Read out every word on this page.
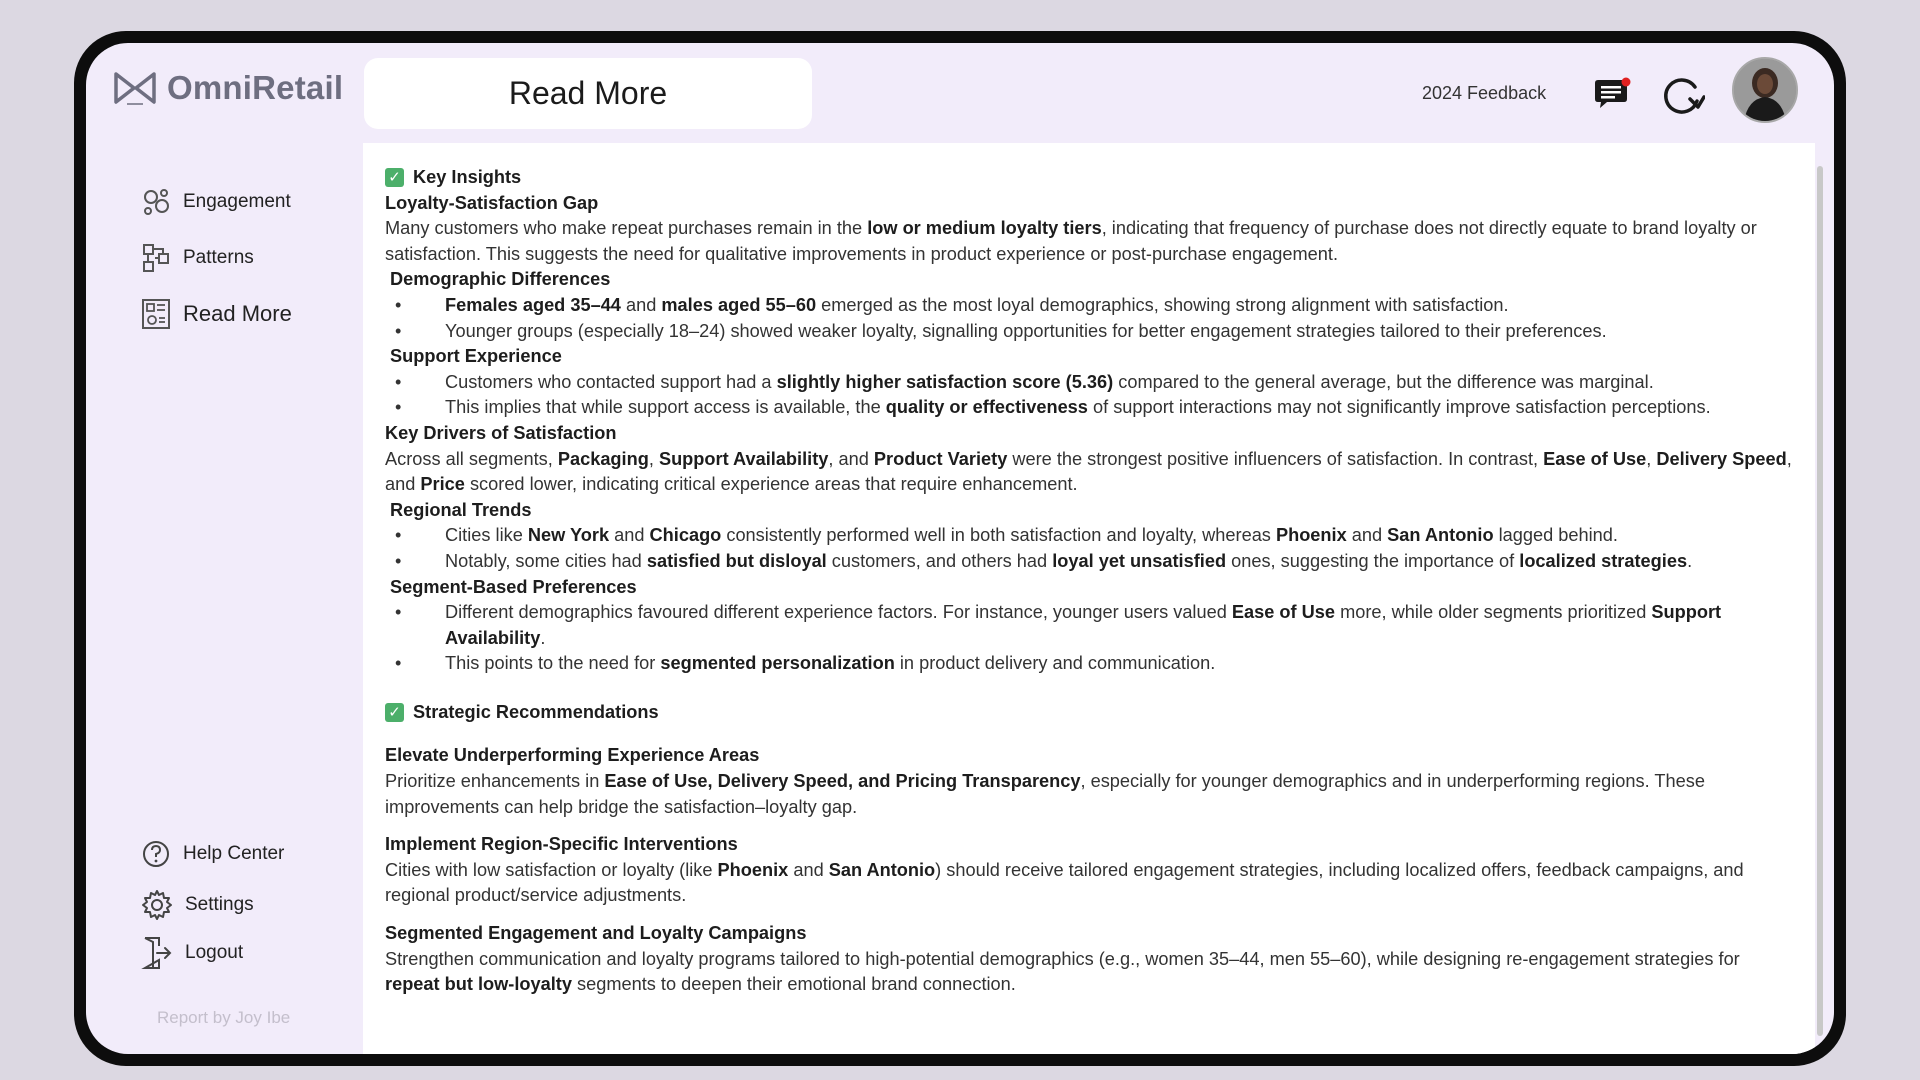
OmniRetail	Read More	2024 Feedback
Engagement
Patterns
Read More
Help Center
Settings
Logout
Report by Joy Ibe
✓ Key Insights
Loyalty-Satisfaction Gap
Many customers who make repeat purchases remain in the low or medium loyalty tiers, indicating that frequency of purchase does not directly equate to brand loyalty or satisfaction. This suggests the need for qualitative improvements in product experience or post-purchase engagement.
Demographic Differences
• Females aged 35–44 and males aged 55–60 emerged as the most loyal demographics, showing strong alignment with satisfaction.
• Younger groups (especially 18–24) showed weaker loyalty, signalling opportunities for better engagement strategies tailored to their preferences.
Support Experience
• Customers who contacted support had a slightly higher satisfaction score (5.36) compared to the general average, but the difference was marginal.
• This implies that while support access is available, the quality or effectiveness of support interactions may not significantly improve satisfaction perceptions.
Key Drivers of Satisfaction
Across all segments, Packaging, Support Availability, and Product Variety were the strongest positive influencers of satisfaction. In contrast, Ease of Use, Delivery Speed, and Price scored lower, indicating critical experience areas that require enhancement.
Regional Trends
• Cities like New York and Chicago consistently performed well in both satisfaction and loyalty, whereas Phoenix and San Antonio lagged behind.
• Notably, some cities had satisfied but disloyal customers, and others had loyal yet unsatisfied ones, suggesting the importance of localized strategies.
Segment-Based Preferences
• Different demographics favoured different experience factors. For instance, younger users valued Ease of Use more, while older segments prioritized Support Availability.
• This points to the need for segmented personalization in product delivery and communication.
✓ Strategic Recommendations
Elevate Underperforming Experience Areas
Prioritize enhancements in Ease of Use, Delivery Speed, and Pricing Transparency, especially for younger demographics and in underperforming regions. These improvements can help bridge the satisfaction–loyalty gap.
Implement Region-Specific Interventions
Cities with low satisfaction or loyalty (like Phoenix and San Antonio) should receive tailored engagement strategies, including localized offers, feedback campaigns, and regional product/service adjustments.
Segmented Engagement and Loyalty Campaigns
Strengthen communication and loyalty programs tailored to high-potential demographics (e.g., women 35–44, men 55–60), while designing re-engagement strategies for repeat but low-loyalty segments to deepen their emotional brand connection.
